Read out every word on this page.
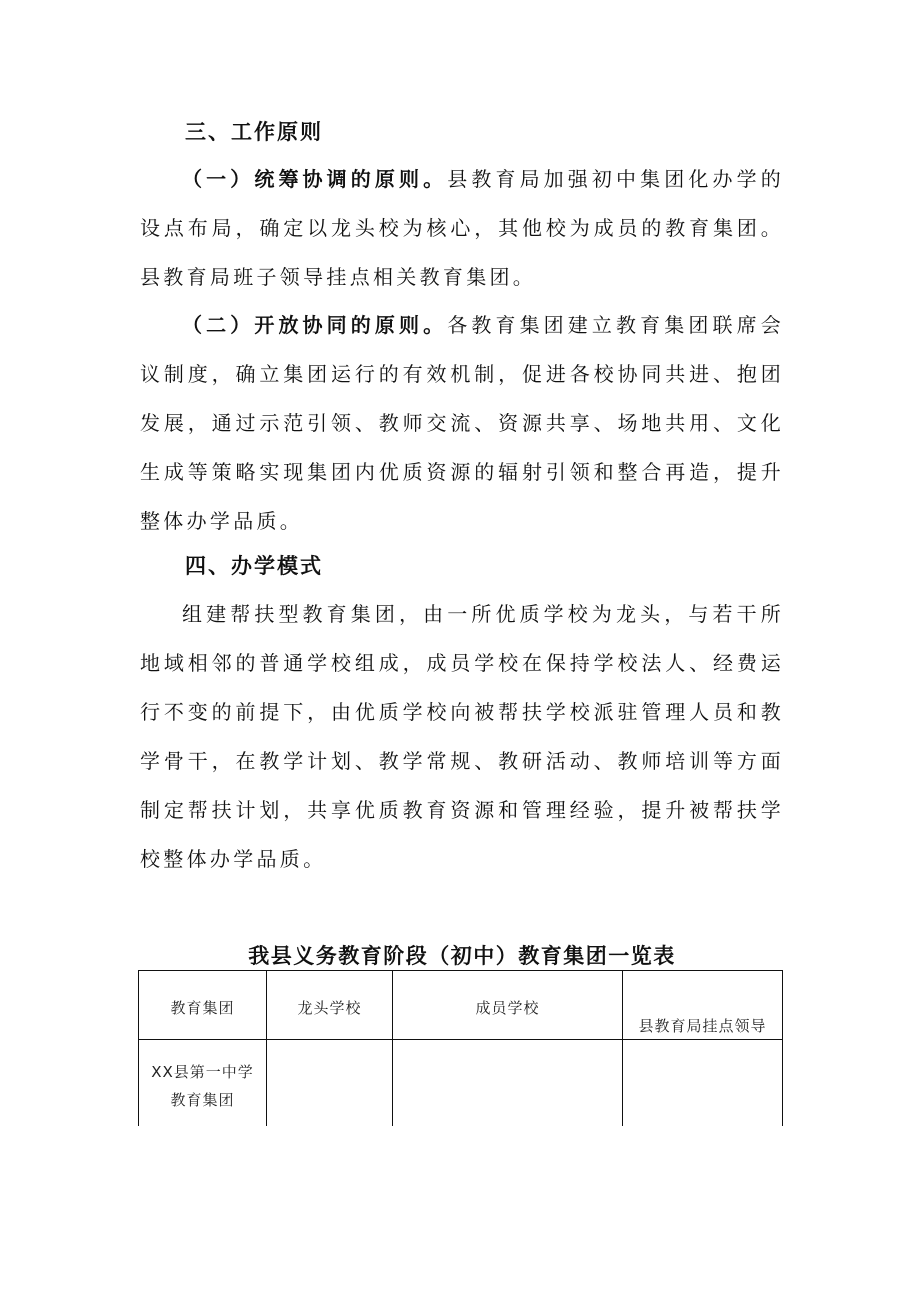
三、工作原则

（一）统筹协调的原则。县教育局加强初中集团化办学的设点布局，确定以龙头校为核心，其他校为成员的教育集团。县教育局班子领导挂点相关教育集团。

（二）开放协同的原则。各教育集团建立教育集团联席会议制度，确立集团运行的有效机制，促进各校协同共进、抱团发展，通过示范引领、教师交流、资源共享、场地共用、文化生成等策略实现集团内优质资源的辐射引领和整合再造，提升整体办学品质。

四、办学模式

组建帮扶型教育集团，由一所优质学校为龙头，与若干所地域相邻的普通学校组成，成员学校在保持学校法人、经费运行不变的前提下，由优质学校向被帮扶学校派驻管理人员和教学骨干，在教学计划、教学常规、教研活动、教师培训等方面制定帮扶计划，共享优质教育资源和管理经验，提升被帮扶学校整体办学品质。

我县义务教育阶段（初中）教育集团一览表
教育集团	龙头学校	成员学校	县教育局挂点领导

XX县第一中学
教育集团			
